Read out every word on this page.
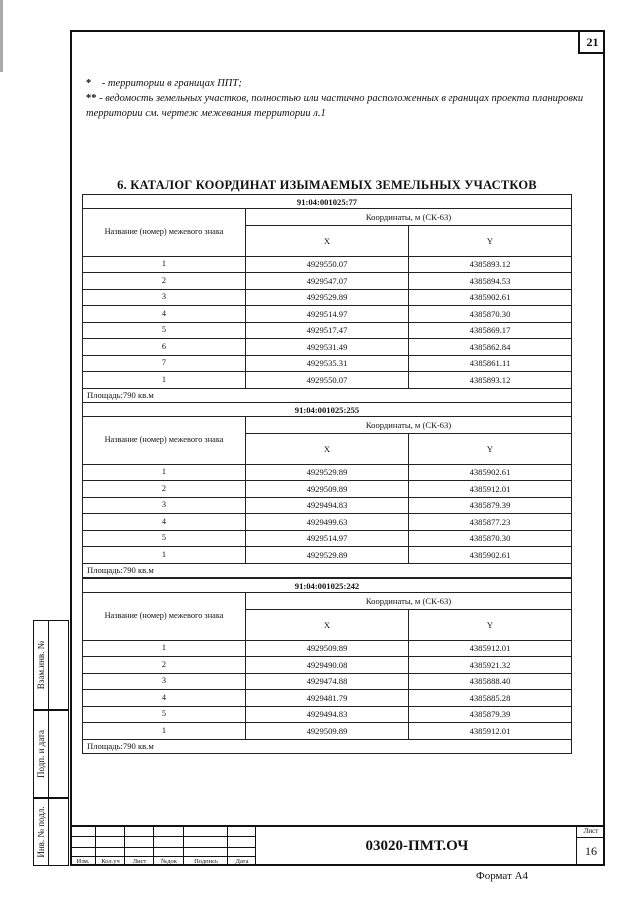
21
* - территории в границах ППТ;
** - ведомость земельных участков, полностью или частично расположенных в границах проекта планировки территории см. чертеж межевания территории л.1
6. КАТАЛОГ КООРДИНАТ ИЗЫМАЕМЫХ ЗЕМЕЛЬНЫХ УЧАСТКОВ
91:04:001025:77		
Название (номер) межевого знака	Координаты, м (СК-63)	
	X	Y
1	4929550.07	4385893.12
2	4929547.07	4385894.53
3	4929529.89	4385902.61
4	4929514.97	4385870.30
5	4929517.47	4385869.17
6	4929531.49	4385862.84
7	4929535.31	4385861.11
1	4929550.07	4385893.12
Площадь:790 кв.м		
91:04:001025:255		
Название (номер) межевого знака	Координаты, м (СК-63)	
	X	Y
1	4929529.89	4385902.61
2	4929509.89	4385912.01
3	4929494.83	4385879.39
4	4929499.63	4385877.23
5	4929514.97	4385870.30
1	4929529.89	4385902.61
Площадь:790 кв.м		
91:04:001025:242		
Название (номер) межевого знака	Координаты, м (СК-63)	
	X	Y
1	4929509.89	4385912.01
2	4929490.08	4385921.32
3	4929474.88	4385888.40
4	4929481.79	4385885.28
5	4929494.83	4385879.39
1	4929509.89	4385912.01
Площадь:790 кв.м		
Взам.инв. №
Подп. и дата
Инв. № подл.
Изм.	Кол.уч	Лист	№док	Подпись	Дата
03020-ПМТ.ОЧ
Лист
16
Формат А4
